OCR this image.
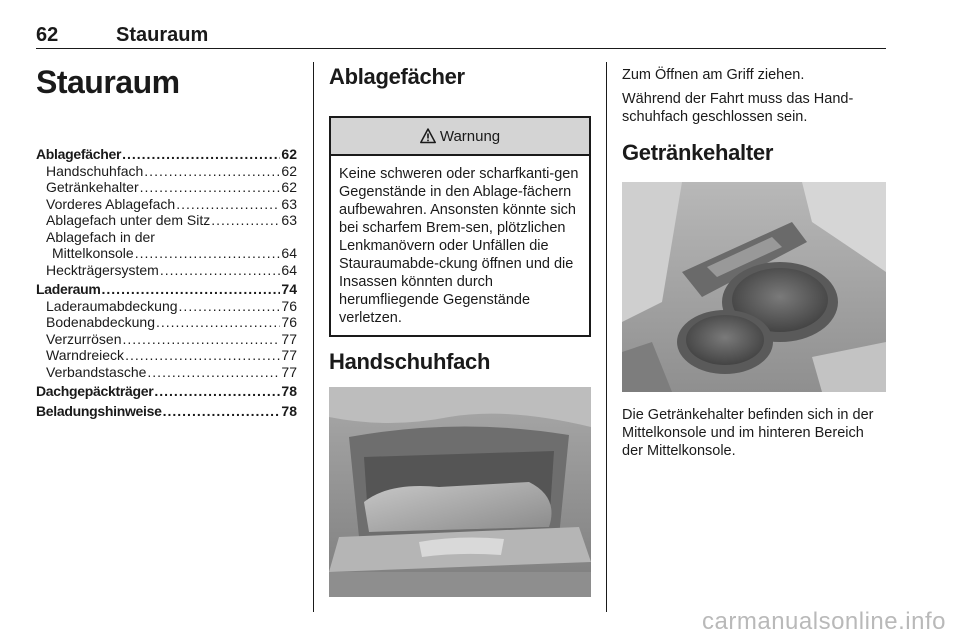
62	Stauraum
Stauraum
Ablagefächer .....	62
Handschuhfach .....	62
Getränkehalter .....	62
Vorderes Ablagefach .....	63
Ablagefach unter dem Sitz .....	63
Ablagefach in der
Mittelkonsole .....	64
Heckträgersystem .....	64
Laderaum .....	74
Laderaumabdeckung .....	76
Bodenabdeckung .....	76
Verzurrösen .....	77
Warndreieck .....	77
Verbandstasche .....	77
Dachgepäckträger .....	78
Beladungshinweise .....	78
Ablagefächer
Warnung
Keine schweren oder scharfkanti-gen Gegenstände in den Ablage-fächern aufbewahren. Ansonsten könnte sich bei scharfem Brem-sen, plötzlichen Lenkmanövern oder Unfällen die Stauraumabde-ckung öffnen und die Insassen könnten durch herumfliegende Gegenstände verletzen.
Handschuhfach

Zum Öffnen am Griff ziehen.

Während der Fahrt muss das Hand-schuhfach geschlossen sein.

Getränkehalter

Die Getränkehalter befinden sich in der Mittelkonsole und im hinteren Bereich der Mittelkonsole.

carmanualsonline.info
